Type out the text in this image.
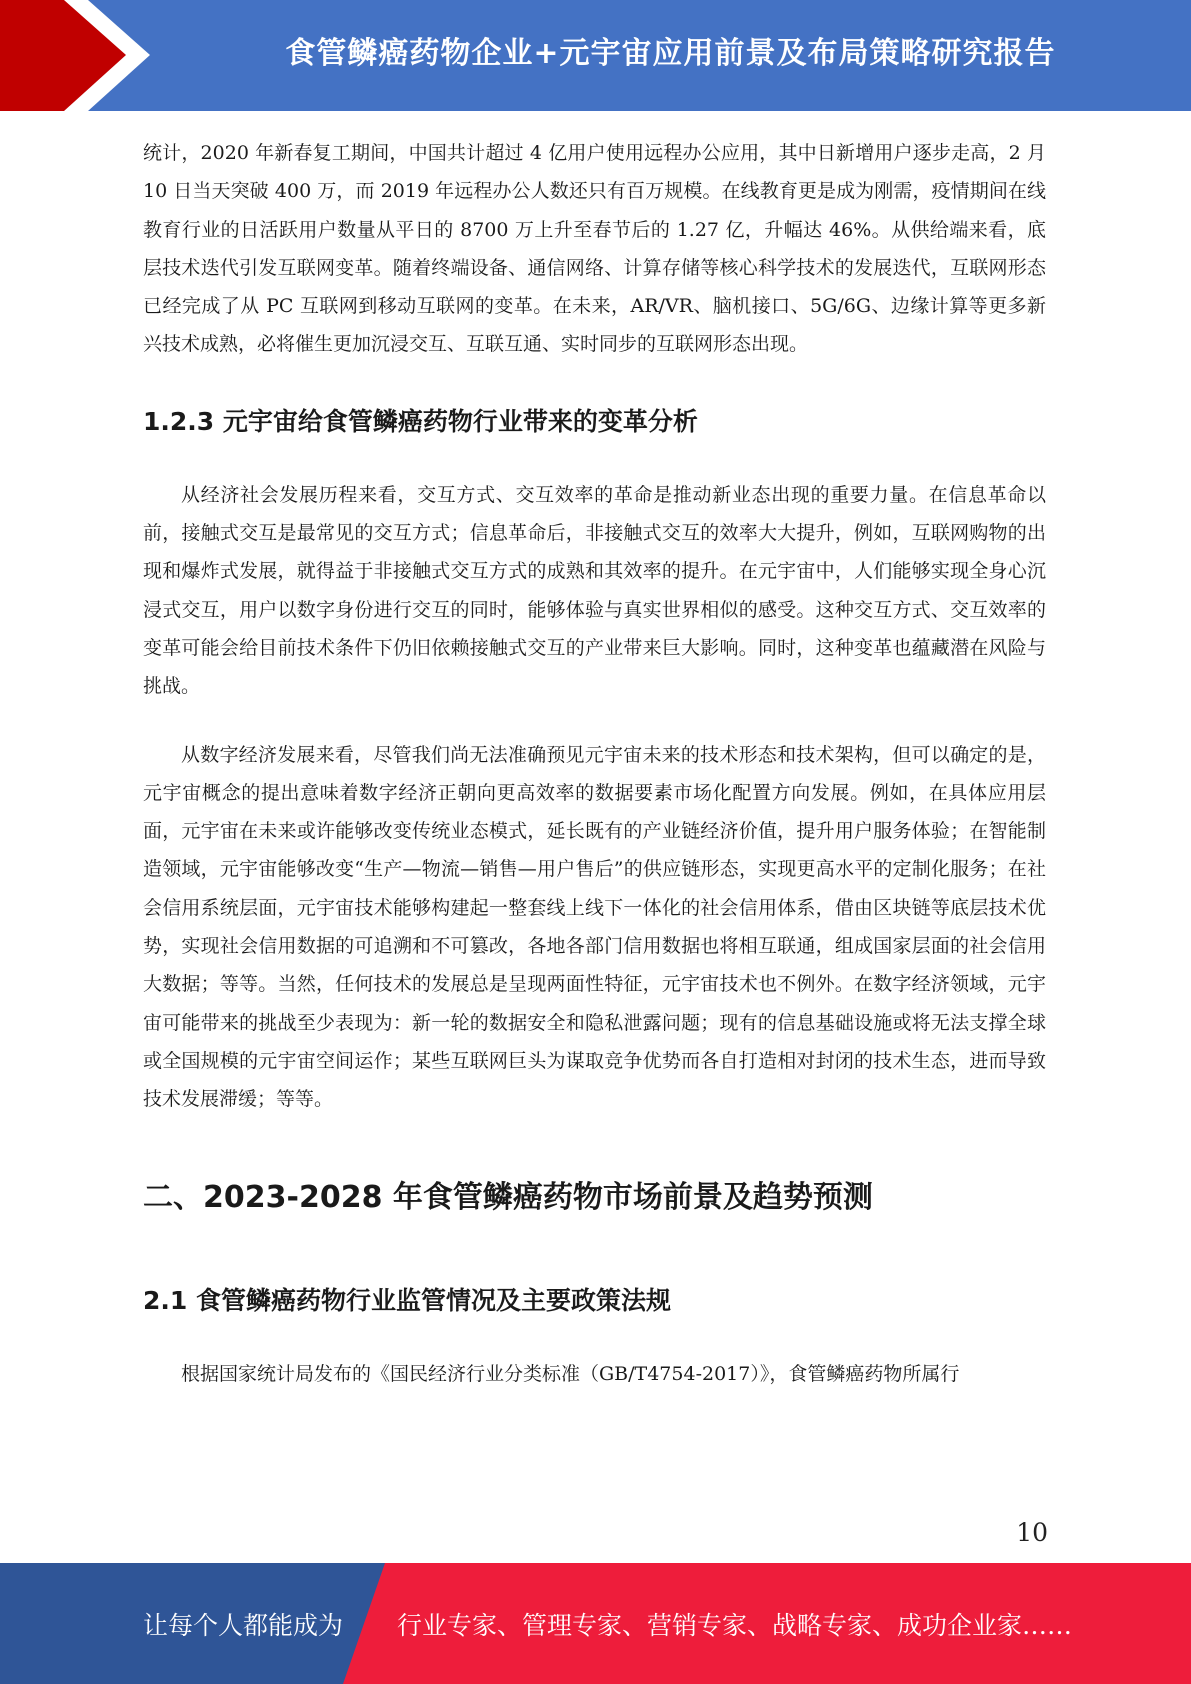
食管鳞癌药物企业+元宇宙应用前景及布局策略研究报告

统计，2020 年新春复工期间，中国共计超过 4 亿用户使用远程办公应用，其中日新增用户逐步走高，2 月 10 日当天突破 400 万，而 2019 年远程办公人数还只有百万规模。在线教育更是成为刚需，疫情期间在线教育行业的日活跃用户数量从平日的 8700 万上升至春节后的 1.27 亿，升幅达 46%。从供给端来看，底层技术迭代引发互联网变革。随着终端设备、通信网络、计算存储等核心科学技术的发展迭代，互联网形态已经完成了从 PC 互联网到移动互联网的变革。在未来，AR/VR、脑机接口、5G/6G、边缘计算等更多新兴技术成熟，必将催生更加沉浸交互、互联互通、实时同步的互联网形态出现。

1.2.3 元宇宙给食管鳞癌药物行业带来的变革分析

从经济社会发展历程来看，交互方式、交互效率的革命是推动新业态出现的重要力量。在信息革命以前，接触式交互是最常见的交互方式；信息革命后，非接触式交互的效率大大提升，例如，互联网购物的出现和爆炸式发展，就得益于非接触式交互方式的成熟和其效率的提升。在元宇宙中，人们能够实现全身心沉浸式交互，用户以数字身份进行交互的同时，能够体验与真实世界相似的感受。这种交互方式、交互效率的变革可能会给目前技术条件下仍旧依赖接触式交互的产业带来巨大影响。同时，这种变革也蕴藏潜在风险与挑战。

从数字经济发展来看，尽管我们尚无法准确预见元宇宙未来的技术形态和技术架构，但可以确定的是，元宇宙概念的提出意味着数字经济正朝向更高效率的数据要素市场化配置方向发展。例如，在具体应用层面，元宇宙在未来或许能够改变传统业态模式，延长既有的产业链经济价值，提升用户服务体验；在智能制造领域，元宇宙能够改变“生产—物流—销售—用户售后”的供应链形态，实现更高水平的定制化服务；在社会信用系统层面，元宇宙技术能够构建起一整套线上线下一体化的社会信用体系，借由区块链等底层技术优势，实现社会信用数据的可追溯和不可篡改，各地各部门信用数据也将相互联通，组成国家层面的社会信用大数据；等等。当然，任何技术的发展总是呈现两面性特征，元宇宙技术也不例外。在数字经济领域，元宇宙可能带来的挑战至少表现为：新一轮的数据安全和隐私泄露问题；现有的信息基础设施或将无法支撑全球或全国规模的元宇宙空间运作；某些互联网巨头为谋取竞争优势而各自打造相对封闭的技术生态，进而导致技术发展滞缓；等等。

二、2023-2028 年食管鳞癌药物市场前景及趋势预测
2.1 食管鳞癌药物行业监管情况及主要政策法规

根据国家统计局发布的《国民经济行业分类标准（GB/T4754-2017）》，食管鳞癌药物所属行

10
让每个人都能成为 行业专家、管理专家、营销专家、战略专家、成功企业家……
